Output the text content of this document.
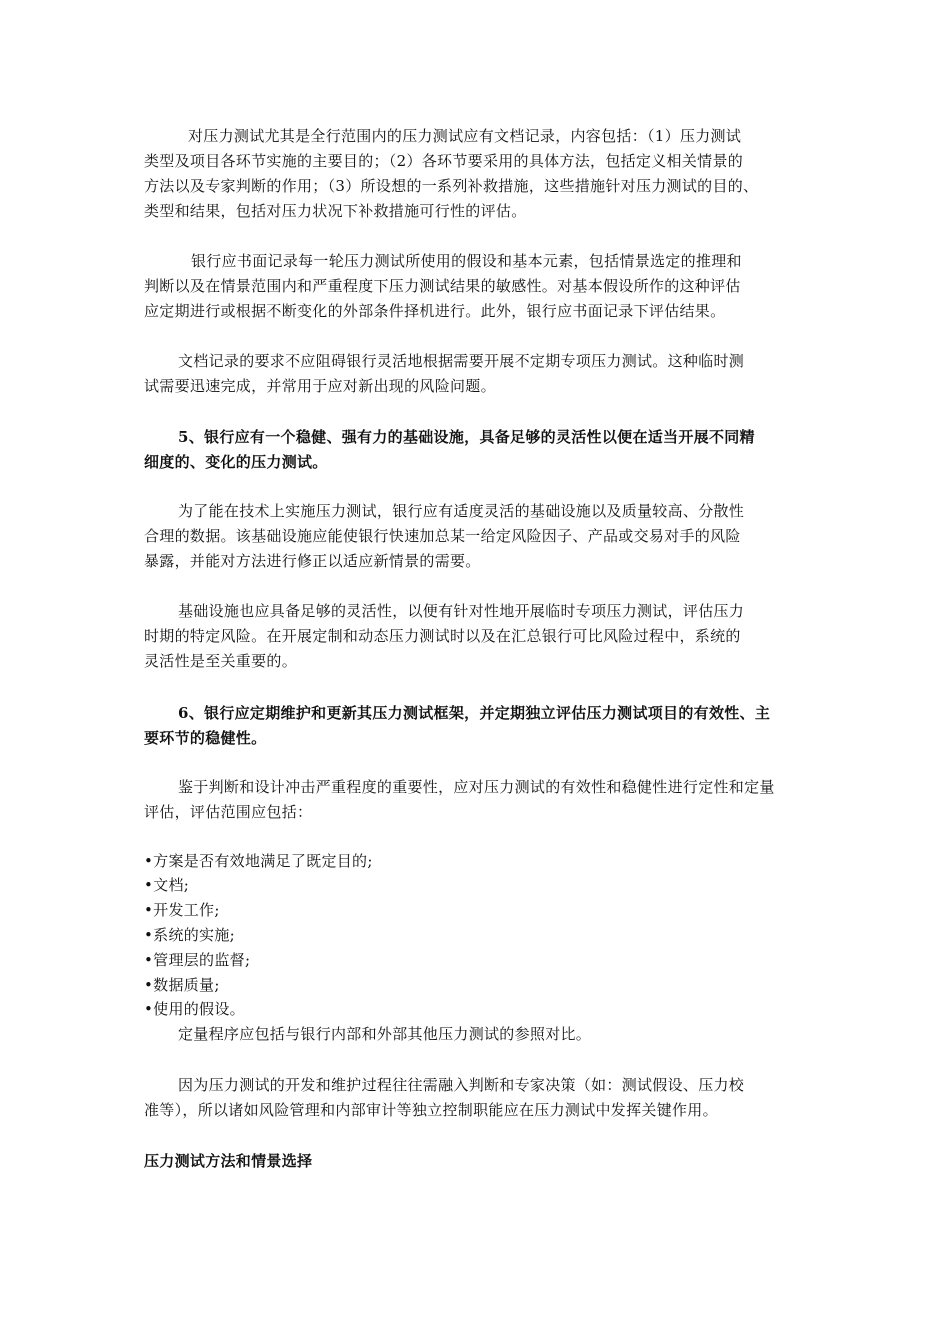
对压力测试尤其是全行范围内的压力测试应有文档记录，内容包括：（1）压力测试
类型及项目各环节实施的主要目的；（2）各环节要采用的具体方法，包括定义相关情景的
方法以及专家判断的作用；（3）所设想的一系列补救措施，这些措施针对压力测试的目的、
类型和结果，包括对压力状况下补救措施可行性的评估。
银行应书面记录每一轮压力测试所使用的假设和基本元素，包括情景选定的推理和
判断以及在情景范围内和严重程度下压力测试结果的敏感性。对基本假设所作的这种评估
应定期进行或根据不断变化的外部条件择机进行。此外，银行应书面记录下评估结果。
文档记录的要求不应阻碍银行灵活地根据需要开展不定期专项压力测试。这种临时测
试需要迅速完成，并常用于应对新出现的风险问题。
5、银行应有一个稳健、强有力的基础设施，具备足够的灵活性以便在适当开展不同精
细度的、变化的压力测试。
为了能在技术上实施压力测试，银行应有适度灵活的基础设施以及质量较高、分散性
合理的数据。该基础设施应能使银行快速加总某一给定风险因子、产品或交易对手的风险
暴露，并能对方法进行修正以适应新情景的需要。
基础设施也应具备足够的灵活性，以便有针对性地开展临时专项压力测试，评估压力
时期的特定风险。在开展定制和动态压力测试时以及在汇总银行可比风险过程中，系统的
灵活性是至关重要的。
6、银行应定期维护和更新其压力测试框架，并定期独立评估压力测试项目的有效性、主
要环节的稳健性。
鉴于判断和设计冲击严重程度的重要性，应对压力测试的有效性和稳健性进行定性和定量
评估，评估范围应包括：
•方案是否有效地满足了既定目的;
•文档;
•开发工作;
•系统的实施;
•管理层的监督;
•数据质量;
•使用的假设。
定量程序应包括与银行内部和外部其他压力测试的参照对比。
因为压力测试的开发和维护过程往往需融入判断和专家决策（如：测试假设、压力校
准等），所以诸如风险管理和内部审计等独立控制职能应在压力测试中发挥关键作用。
压力测试方法和情景选择
